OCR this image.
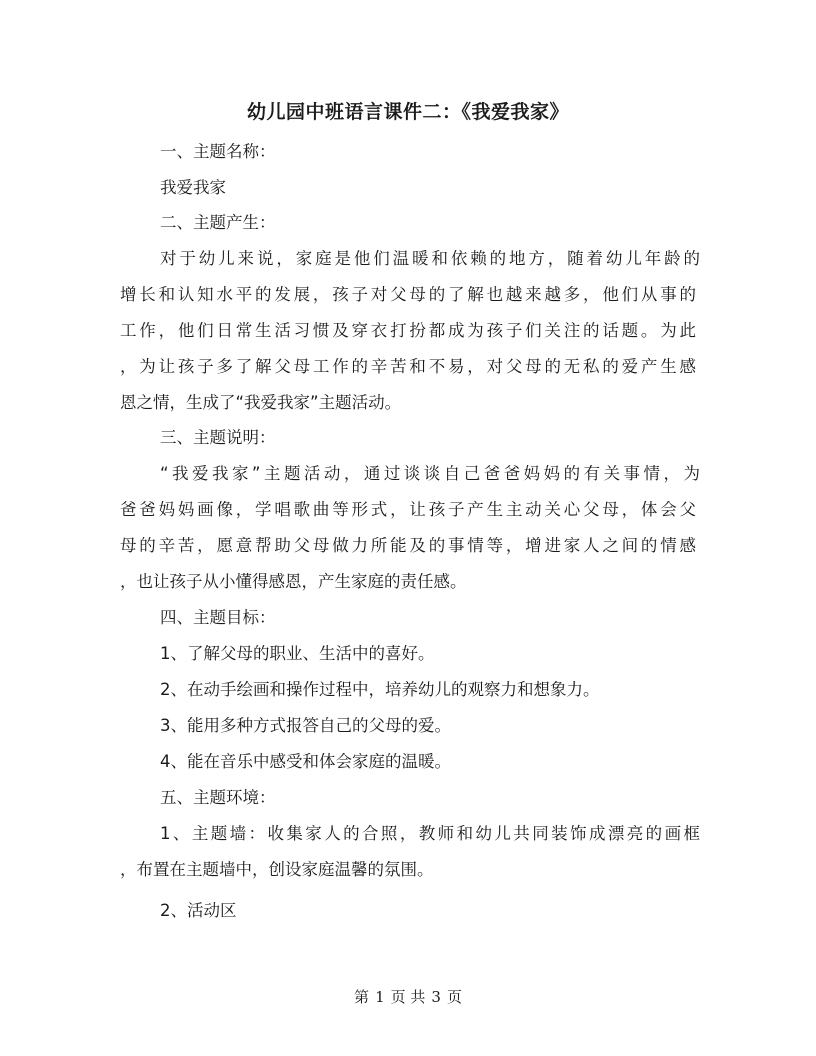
幼儿园中班语言课件二：《我爱我家》

一、主题名称：

我爱我家

二、主题产生：

对于幼儿来说，家庭是他们温暖和依赖的地方，随着幼儿年龄的

增长和认知水平的发展，孩子对父母的了解也越来越多，他们从事的

工作，他们日常生活习惯及穿衣打扮都成为孩子们关注的话题。为此

，为让孩子多了解父母工作的辛苦和不易，对父母的无私的爱产生感

恩之情，生成了“我爱我家”主题活动。

三、主题说明：

“我爱我家”主题活动，通过谈谈自己爸爸妈妈的有关事情，为

爸爸妈妈画像，学唱歌曲等形式，让孩子产生主动关心父母，体会父

母的辛苦，愿意帮助父母做力所能及的事情等，增进家人之间的情感

，也让孩子从小懂得感恩，产生家庭的责任感。

四、主题目标：

1、了解父母的职业、生活中的喜好。

2、在动手绘画和操作过程中，培养幼儿的观察力和想象力。

3、能用多种方式报答自己的父母的爱。

4、能在音乐中感受和体会家庭的温暖。

五、主题环境：

1、主题墙：收集家人的合照，教师和幼儿共同装饰成漂亮的画框

，布置在主题墙中，创设家庭温馨的氛围。

2、活动区

第 1 页 共 3 页
